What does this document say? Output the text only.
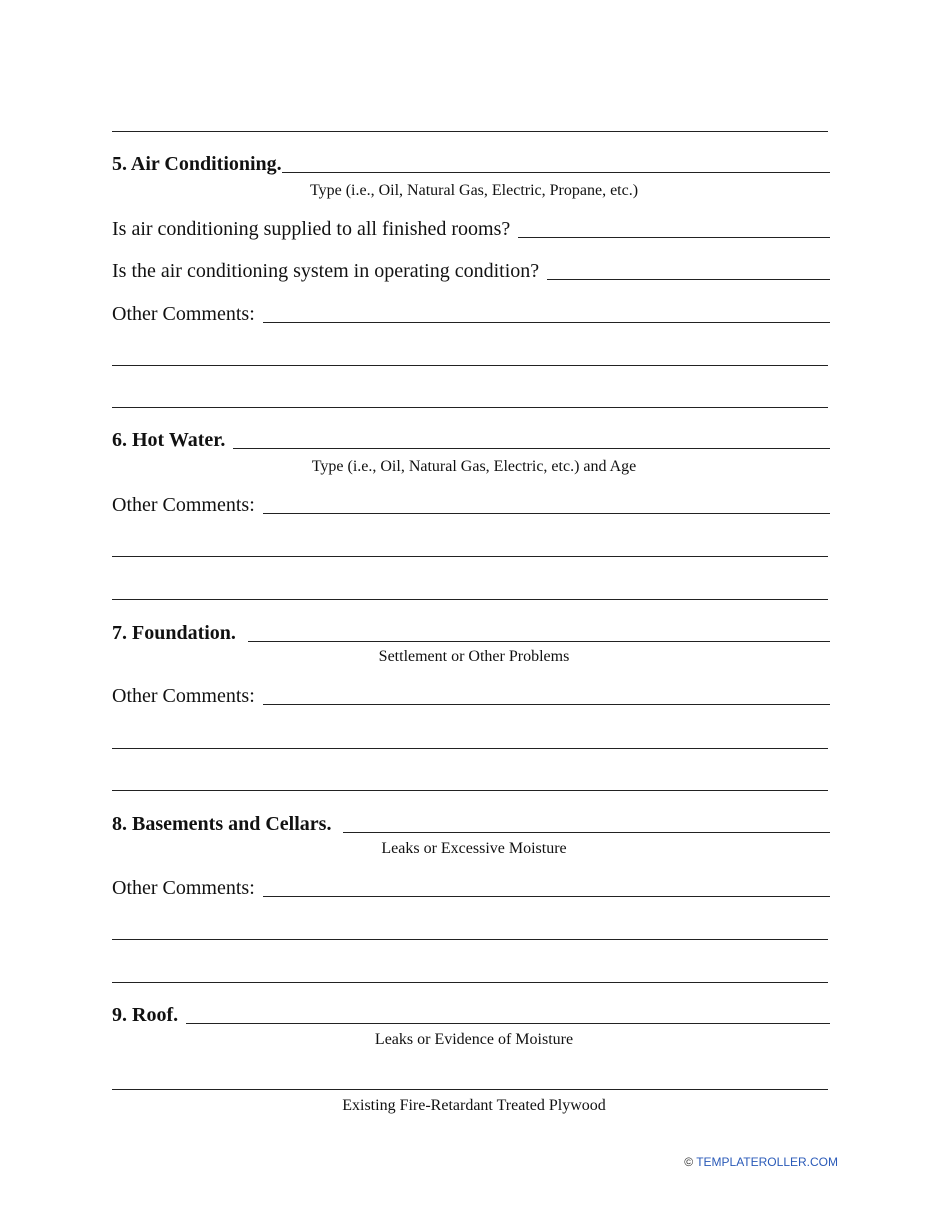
5. Air Conditioning.
Type (i.e., Oil, Natural Gas, Electric, Propane, etc.)
Is air conditioning supplied to all finished rooms?
Is the air conditioning system in operating condition?
Other Comments:
6. Hot Water.
Type (i.e., Oil, Natural Gas, Electric, etc.) and Age
Other Comments:
7. Foundation.
Settlement or Other Problems
Other Comments:
8. Basements and Cellars.
Leaks or Excessive Moisture
Other Comments:
9. Roof.
Leaks or Evidence of Moisture
Existing Fire-Retardant Treated Plywood
© TEMPLATEROLLER.COM
